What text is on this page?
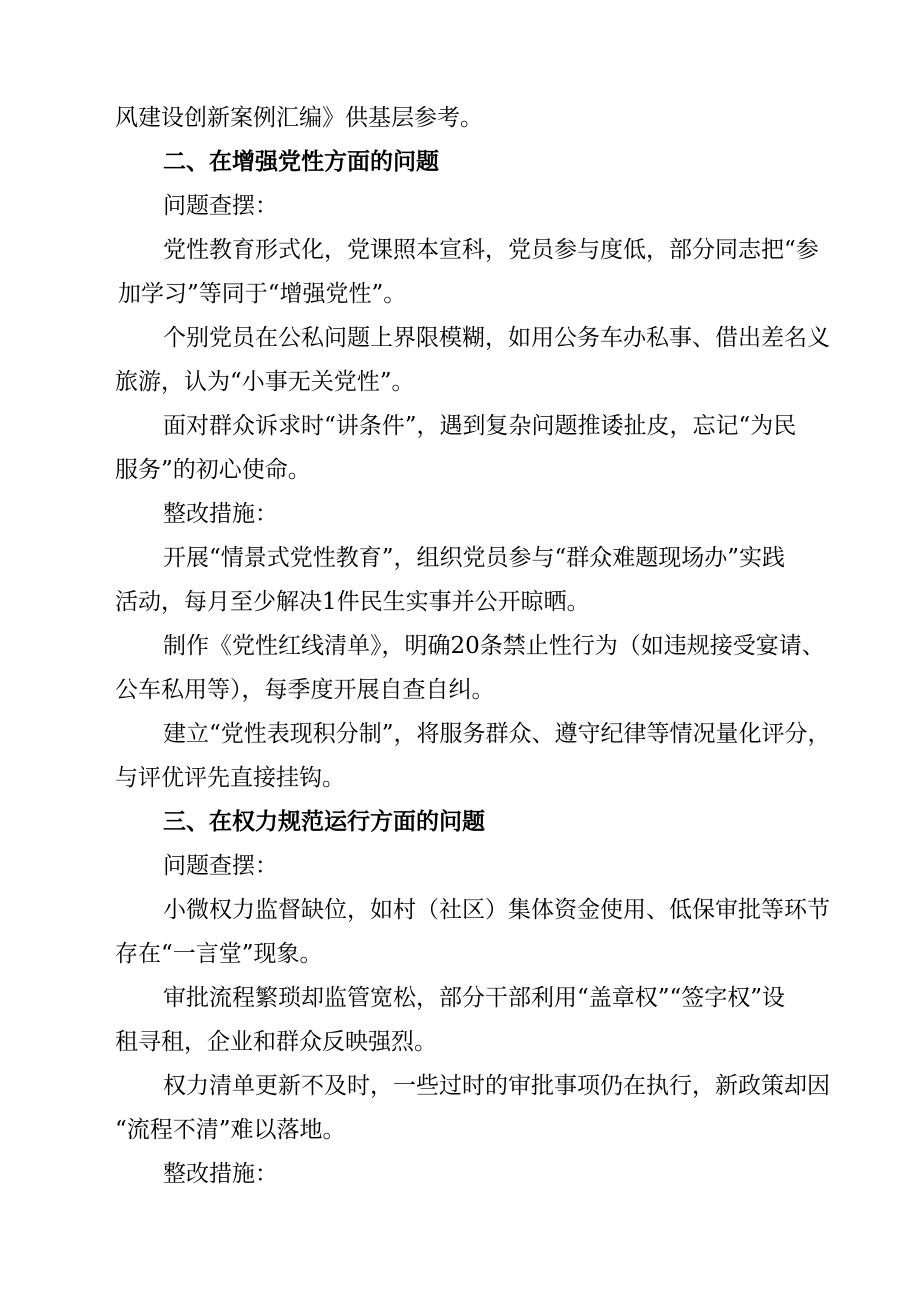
风建设创新案例汇编》供基层参考。
二、在增强党性方面的问题
问题查摆：
党性教育形式化，党课照本宣科，党员参与度低，部分同志把“参
加学习”等同于“增强党性”。
个别党员在公私问题上界限模糊，如用公务车办私事、借出差名义
旅游，认为“小事无关党性”。
面对群众诉求时“讲条件”，遇到复杂问题推诿扯皮，忘记“为民
服务”的初心使命。
整改措施：
开展“情景式党性教育”，组织党员参与“群众难题现场办”实践
活动，每月至少解决1件民生实事并公开晾晒。
制作《党性红线清单》，明确20条禁止性行为（如违规接受宴请、
公车私用等），每季度开展自查自纠。
建立“党性表现积分制”，将服务群众、遵守纪律等情况量化评分，
与评优评先直接挂钩。
三、在权力规范运行方面的问题
问题查摆：
小微权力监督缺位，如村（社区）集体资金使用、低保审批等环节
存在“一言堂”现象。
审批流程繁琐却监管宽松，部分干部利用“盖章权”“签字权”设
租寻租，企业和群众反映强烈。
权力清单更新不及时，一些过时的审批事项仍在执行，新政策却因
“流程不清”难以落地。
整改措施：
